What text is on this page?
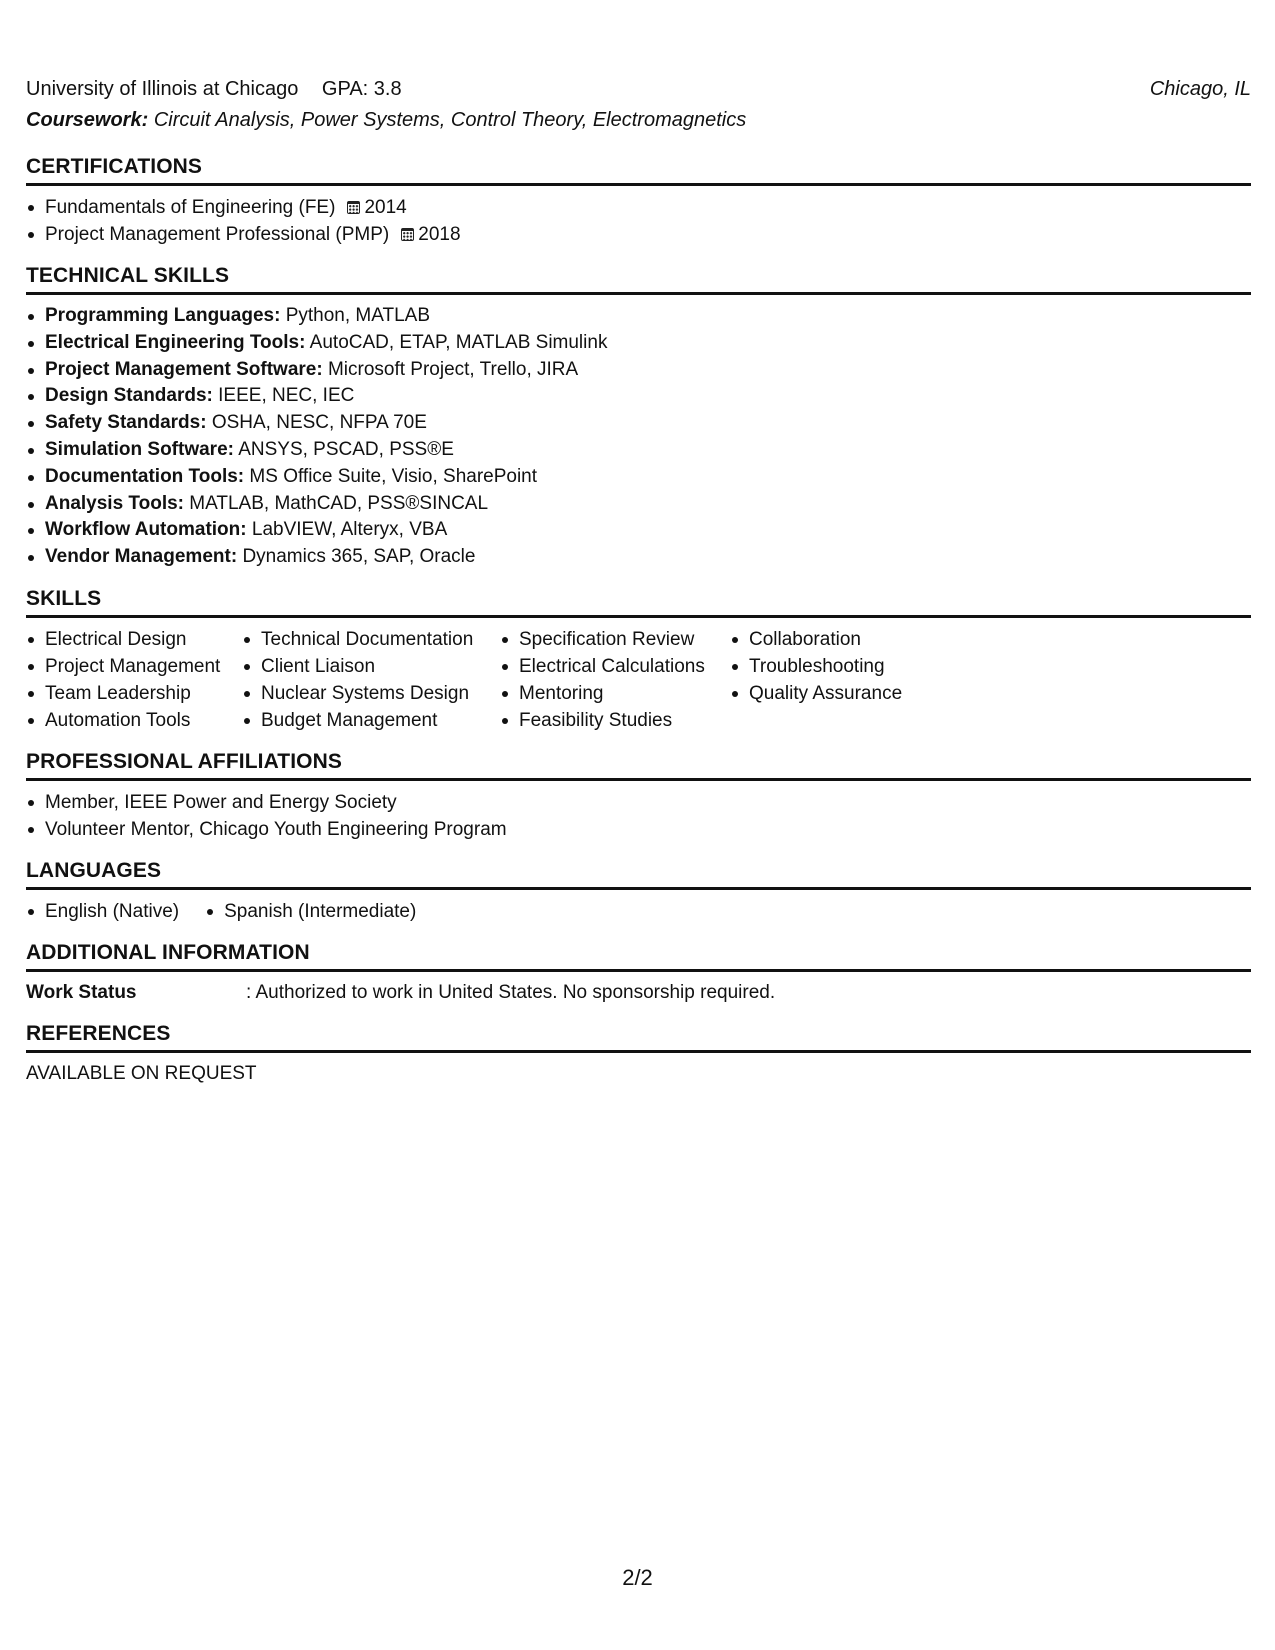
University of Illinois at Chicago GPA: 3.8	Chicago, IL
Coursework: Circuit Analysis, Power Systems, Control Theory, Electromagnetics
CERTIFICATIONS
Fundamentals of Engineering (FE) 2014
Project Management Professional (PMP) 2018
TECHNICAL SKILLS
Programming Languages: Python, MATLAB
Electrical Engineering Tools: AutoCAD, ETAP, MATLAB Simulink
Project Management Software: Microsoft Project, Trello, JIRA
Design Standards: IEEE, NEC, IEC
Safety Standards: OSHA, NESC, NFPA 70E
Simulation Software: ANSYS, PSCAD, PSS®E
Documentation Tools: MS Office Suite, Visio, SharePoint
Analysis Tools: MATLAB, MathCAD, PSS®SINCAL
Workflow Automation: LabVIEW, Alteryx, VBA
Vendor Management: Dynamics 365, SAP, Oracle
SKILLS
Electrical Design
Project Management
Team Leadership
Automation Tools
Technical Documentation
Client Liaison
Nuclear Systems Design
Budget Management
Specification Review
Electrical Calculations
Mentoring
Feasibility Studies
Collaboration
Troubleshooting
Quality Assurance
PROFESSIONAL AFFILIATIONS
Member, IEEE Power and Energy Society
Volunteer Mentor, Chicago Youth Engineering Program
LANGUAGES
English (Native)	Spanish (Intermediate)
ADDITIONAL INFORMATION
Work Status	: Authorized to work in United States. No sponsorship required.
REFERENCES
AVAILABLE ON REQUEST
2/2
